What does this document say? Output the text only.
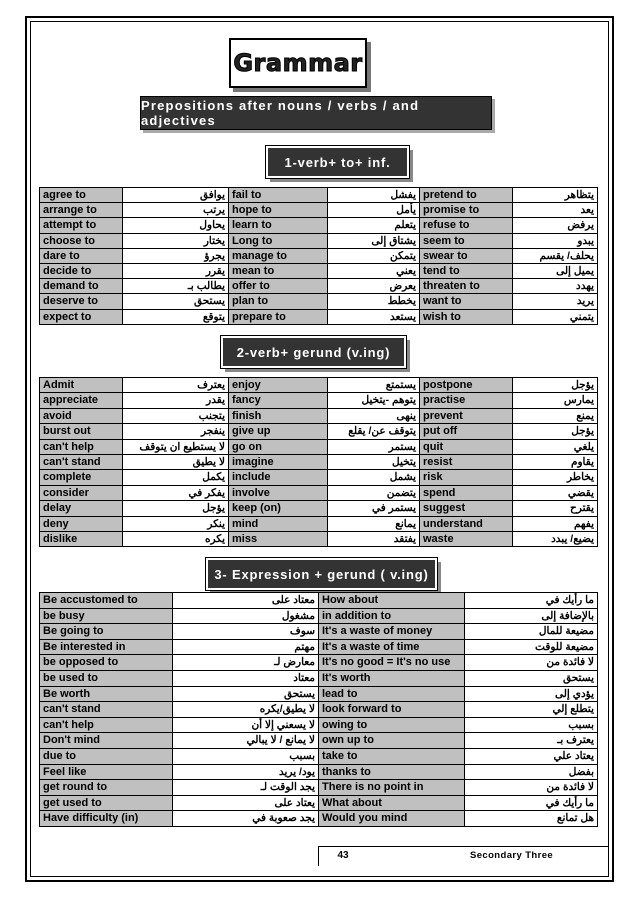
Grammar
Prepositions after nouns / verbs / and adjectives
1-verb+ to+ inf.
agree to	يوافق	fail to	يفشل	pretend to	يتظاهر
arrange to	يرتب	hope to	يأمل	promise to	يعد
attempt to	يحاول	learn to	يتعلم	refuse to	يرفض
choose to	يختار	Long to	يشتاق إلى	seem to	يبدو
dare to	يجرؤ	manage to	يتمكن	swear to	يحلف/ يقسم
decide to	يقرر	mean to	يعني	tend to	يميل إلى
demand to	يطالب بـ	offer to	يعرض	threaten to	يهدد
deserve to	يستحق	plan to	يخطط	want to	يريد
expect to	يتوقع	prepare to	يستعد	wish to	يتمني
2-verb+ gerund (v.ing)
Admit	يعترف	enjoy	يستمتع	postpone	يؤجل
appreciate	يقدر	fancy	يتوهم -يتخيل	practise	يمارس
avoid	يتجنب	finish	ينهى	prevent	يمنع
burst out	ينفجر	give up	يتوقف عن/ يقلع	put off	يؤجل
can't help	لا يستطيع ان يتوقف	go on	يستمر	quit	يلغي
can't stand	لا يطيق	imagine	يتخيل	resist	يقاوم
complete	يكمل	include	يشمل	risk	يخاطر
consider	يفكر في	involve	يتضمن	spend	يقضي
delay	يؤجل	keep (on)	يستمر في	suggest	يقترح
deny	ينكر	mind	يمانع	understand	يفهم
dislike	يكره	miss	يفتقد	waste	يضيع/ يبدد
3- Expression + gerund ( v.ing)
Be accustomed to	معتاد على	How about	ما رأيك في
be busy	مشغول	in addition to	بالإضافة إلى
Be going to	سوف	It's a waste of money	مضيعة للمال
Be interested in	مهتم	It's a waste of time	مضيعة للوقت
be opposed to	معارض لـ	It's no good = It's no use	لا فائدة من
be used to	معتاد	It's worth	يستحق
Be worth	يستحق	lead to	يؤدي إلى
can't stand	لا يطيق/يكره	look forward to	يتطلع إلي
can't help	لا يسعني إلا أن	owing to	بسبب
Don't mind	لا يمانع / لا يبالي	own up to	يعترف بـ
due to	بسبب	take to	يعتاد علي
Feel like	يود/ يريد	thanks to	بفضل
get round to	يجد الوقت لـ	There is no point in	لا فائدة من
get used to	يعتاد على	What about	ما رأيك في
Have difficulty (in)	يجد صعوبة في	Would you mind	هل تمانع
43	Secondary Three
